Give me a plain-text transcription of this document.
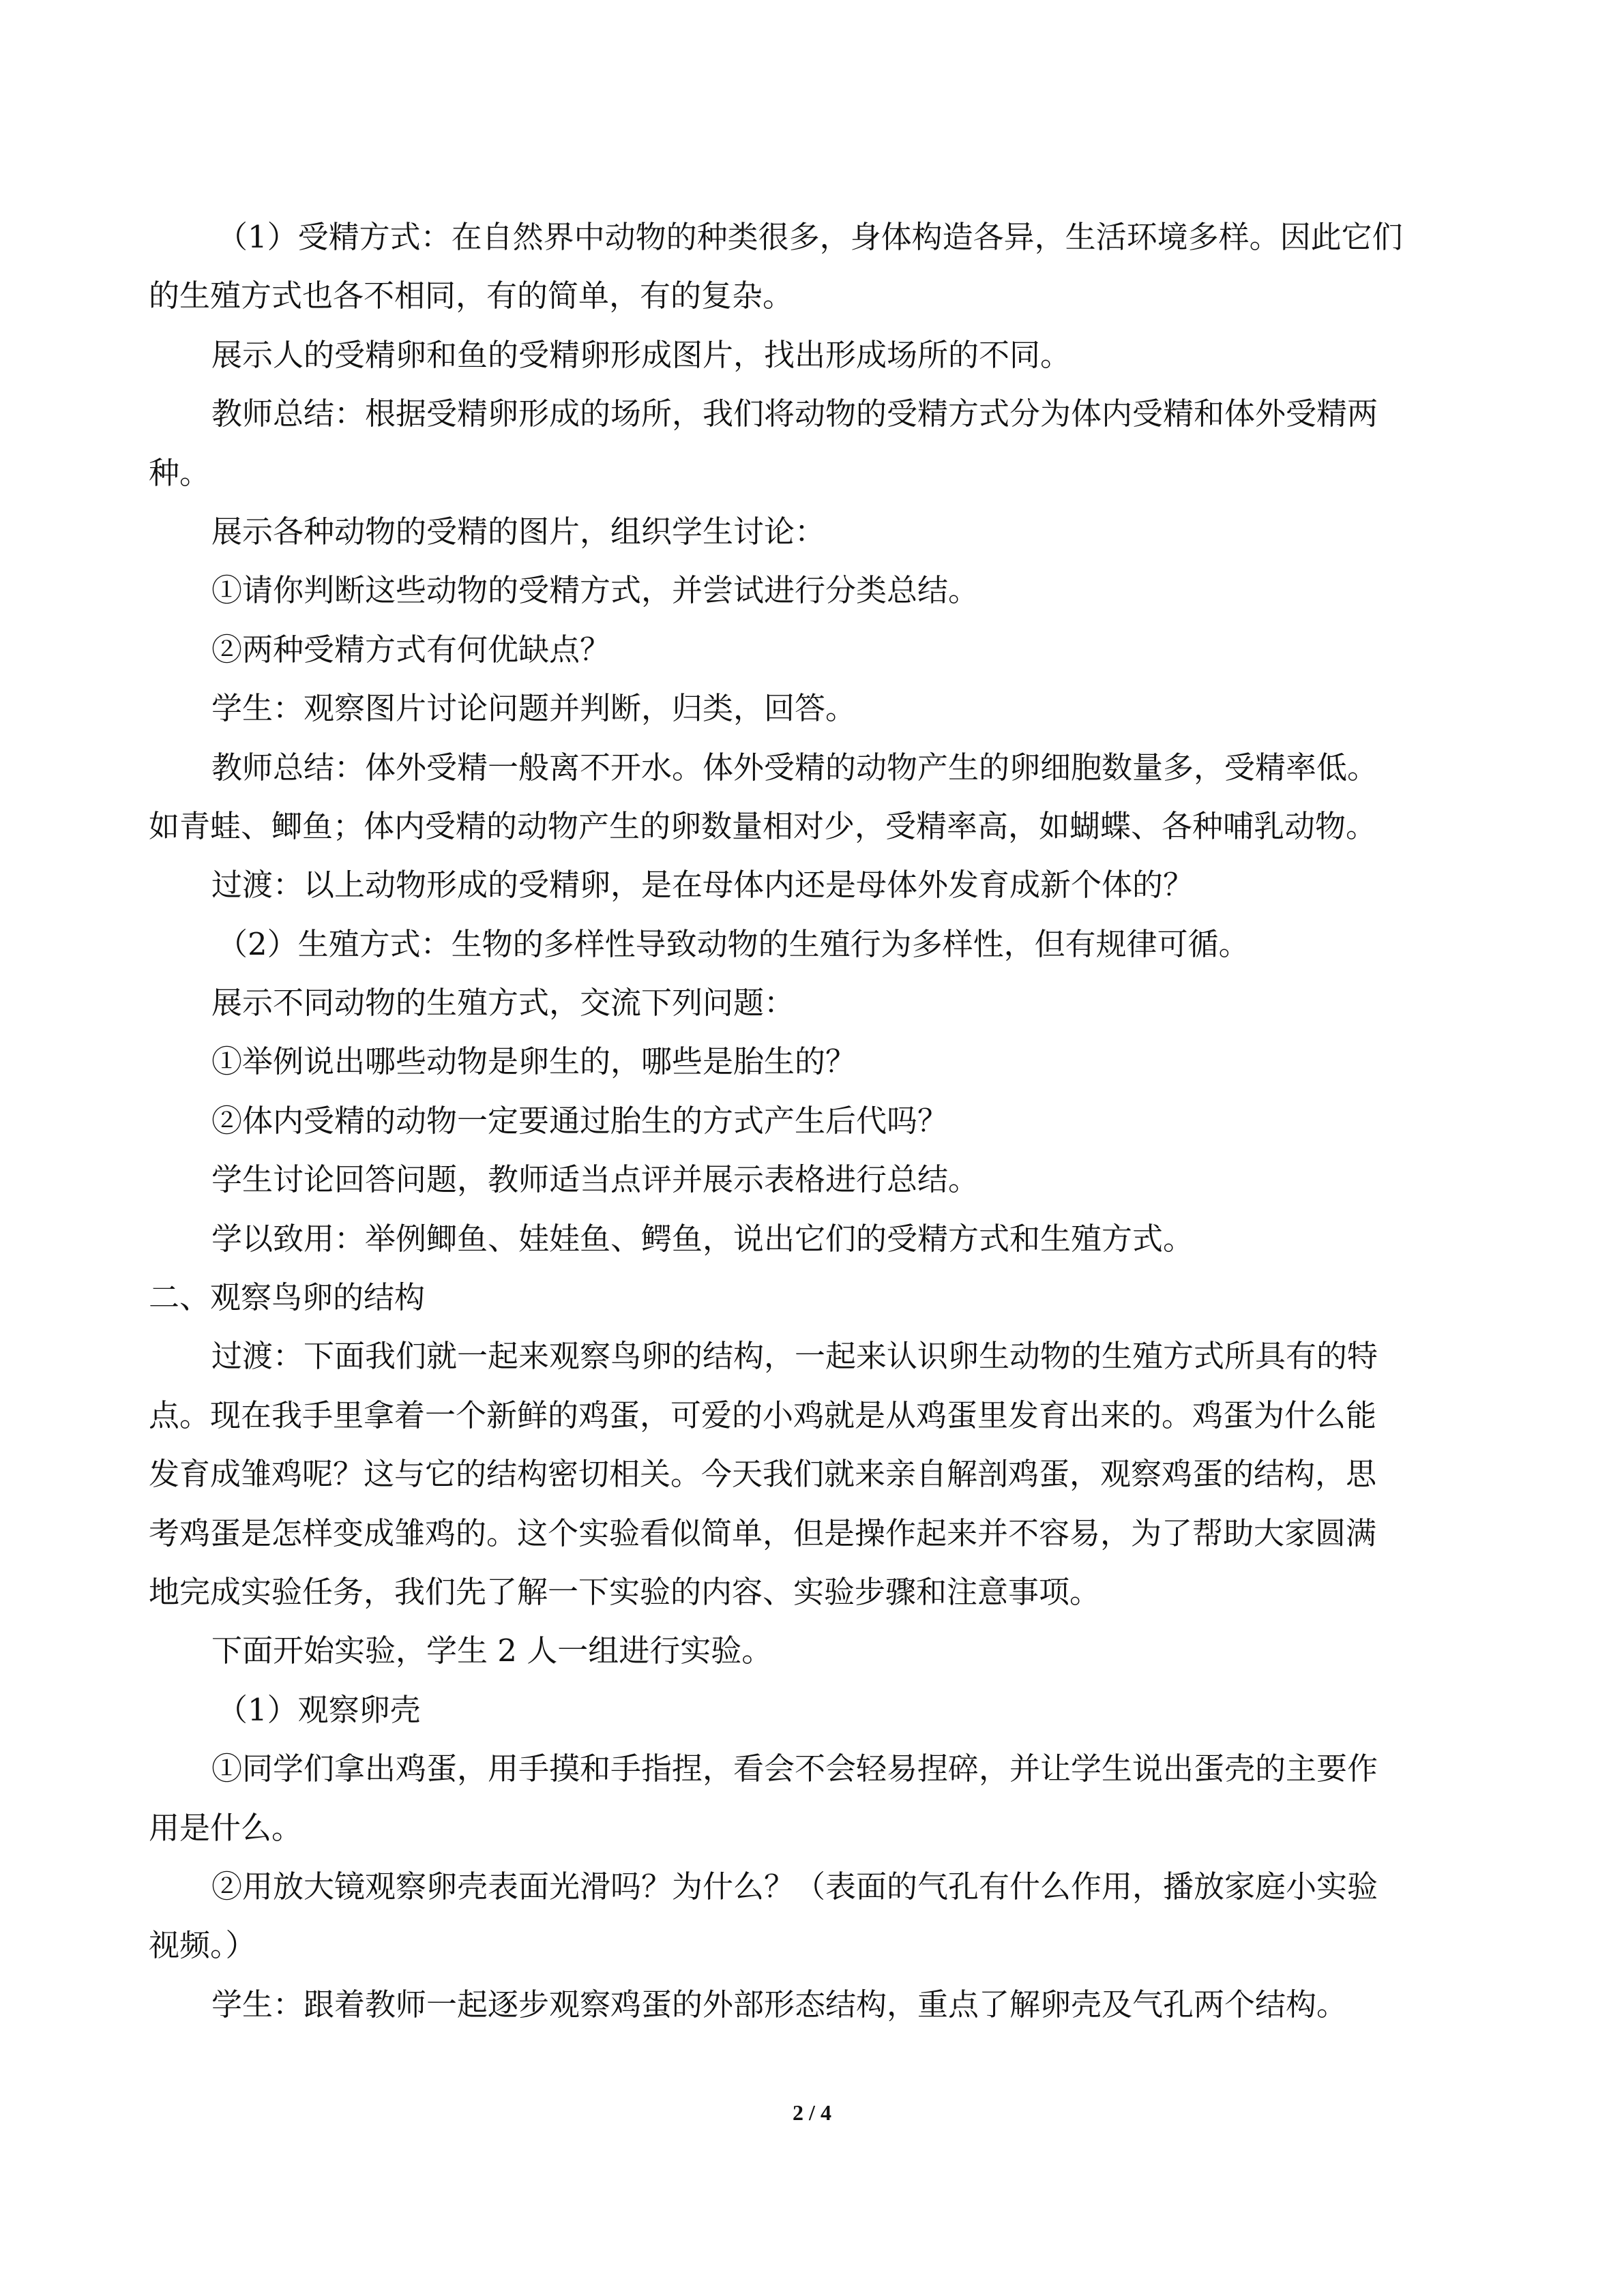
（1）受精方式：在自然界中动物的种类很多，身体构造各异，生活环境多样。因此它们
的生殖方式也各不相同，有的简单，有的复杂。
展示人的受精卵和鱼的受精卵形成图片，找出形成场所的不同。
教师总结：根据受精卵形成的场所，我们将动物的受精方式分为体内受精和体外受精两
种。
展示各种动物的受精的图片，组织学生讨论：
①请你判断这些动物的受精方式，并尝试进行分类总结。
②两种受精方式有何优缺点？
学生：观察图片讨论问题并判断，归类，回答。
教师总结：体外受精一般离不开水。体外受精的动物产生的卵细胞数量多，受精率低。
如青蛙、鲫鱼；体内受精的动物产生的卵数量相对少，受精率高，如蝴蝶、各种哺乳动物。
过渡：以上动物形成的受精卵，是在母体内还是母体外发育成新个体的？
（2）生殖方式：生物的多样性导致动物的生殖行为多样性，但有规律可循。
展示不同动物的生殖方式，交流下列问题：
①举例说出哪些动物是卵生的，哪些是胎生的？
②体内受精的动物一定要通过胎生的方式产生后代吗？
学生讨论回答问题，教师适当点评并展示表格进行总结。
学以致用：举例鲫鱼、娃娃鱼、鳄鱼，说出它们的受精方式和生殖方式。
二、观察鸟卵的结构
过渡：下面我们就一起来观察鸟卵的结构，一起来认识卵生动物的生殖方式所具有的特
点。现在我手里拿着一个新鲜的鸡蛋，可爱的小鸡就是从鸡蛋里发育出来的。鸡蛋为什么能
发育成雏鸡呢？这与它的结构密切相关。今天我们就来亲自解剖鸡蛋，观察鸡蛋的结构，思
考鸡蛋是怎样变成雏鸡的。这个实验看似简单，但是操作起来并不容易，为了帮助大家圆满
地完成实验任务，我们先了解一下实验的内容、实验步骤和注意事项。
下面开始实验，学生 2 人一组进行实验。
（1）观察卵壳
①同学们拿出鸡蛋，用手摸和手指捏，看会不会轻易捏碎，并让学生说出蛋壳的主要作
用是什么。
②用放大镜观察卵壳表面光滑吗？为什么？（表面的气孔有什么作用，播放家庭小实验
视频。）
学生：跟着教师一起逐步观察鸡蛋的外部形态结构，重点了解卵壳及气孔两个结构。
2 / 4
